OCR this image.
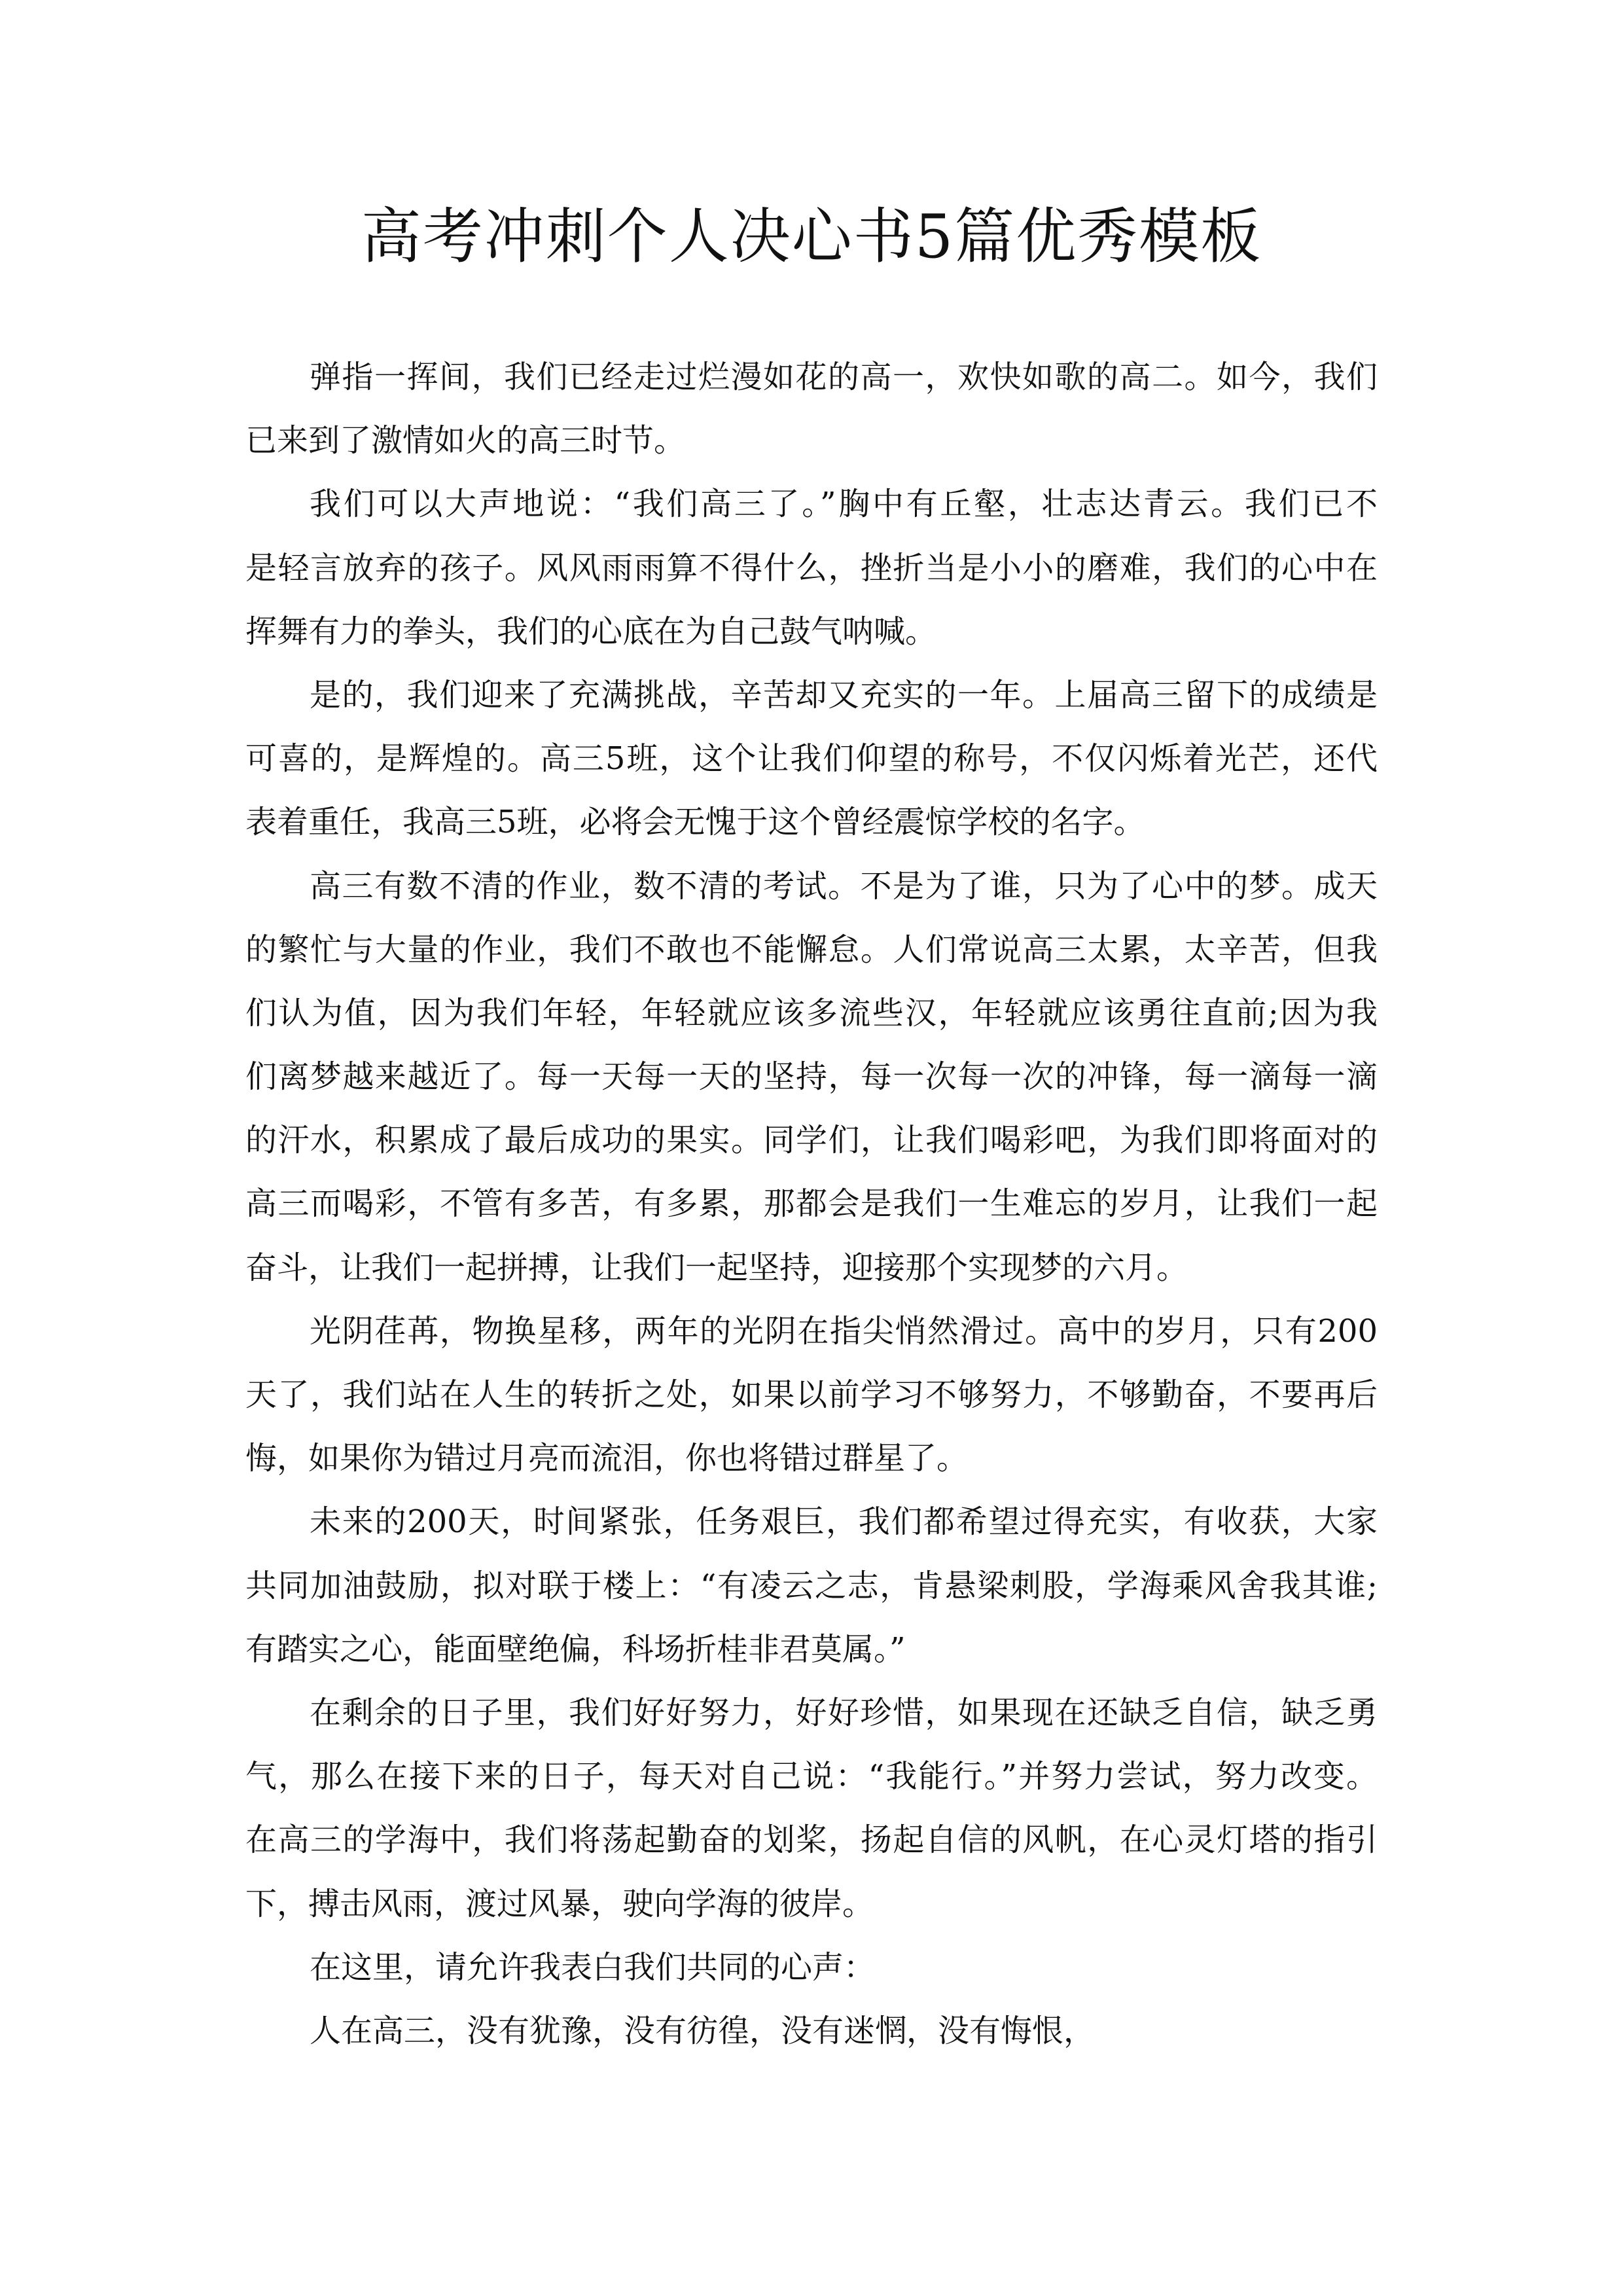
高考冲刺个人决心书5篇优秀模板
弹指一挥间，我们已经走过烂漫如花的高一，欢快如歌的高二。如今，我们
已来到了激情如火的高三时节。
我们可以大声地说：“我们高三了。”胸中有丘壑，壮志达青云。我们已不
是轻言放弃的孩子。风风雨雨算不得什么，挫折当是小小的磨难，我们的心中在
挥舞有力的拳头，我们的心底在为自己鼓气呐喊。
是的，我们迎来了充满挑战，辛苦却又充实的一年。上届高三留下的成绩是
可喜的，是辉煌的。高三5班，这个让我们仰望的称号，不仅闪烁着光芒，还代
表着重任，我高三5班，必将会无愧于这个曾经震惊学校的名字。
高三有数不清的作业，数不清的考试。不是为了谁，只为了心中的梦。成天
的繁忙与大量的作业，我们不敢也不能懈怠。人们常说高三太累，太辛苦，但我
们认为值，因为我们年轻，年轻就应该多流些汉，年轻就应该勇往直前;因为我
们离梦越来越近了。每一天每一天的坚持，每一次每一次的冲锋，每一滴每一滴
的汗水，积累成了最后成功的果实。同学们，让我们喝彩吧，为我们即将面对的
高三而喝彩，不管有多苦，有多累，那都会是我们一生难忘的岁月，让我们一起
奋斗，让我们一起拼搏，让我们一起坚持，迎接那个实现梦的六月。
光阴荏苒，物换星移，两年的光阴在指尖悄然滑过。高中的岁月，只有200
天了，我们站在人生的转折之处，如果以前学习不够努力，不够勤奋，不要再后
悔，如果你为错过月亮而流泪，你也将错过群星了。
未来的200天，时间紧张，任务艰巨，我们都希望过得充实，有收获，大家
共同加油鼓励，拟对联于楼上：“有凌云之志，肯悬梁刺股，学海乘风舍我其谁;
有踏实之心，能面壁绝偏，科场折桂非君莫属。”
在剩余的日子里，我们好好努力，好好珍惜，如果现在还缺乏自信，缺乏勇
气，那么在接下来的日子，每天对自己说：“我能行。”并努力尝试，努力改变。
在高三的学海中，我们将荡起勤奋的划桨，扬起自信的风帆，在心灵灯塔的指引
下，搏击风雨，渡过风暴，驶向学海的彼岸。
在这里，请允许我表白我们共同的心声：
人在高三，没有犹豫，没有彷徨，没有迷惘，没有悔恨，
